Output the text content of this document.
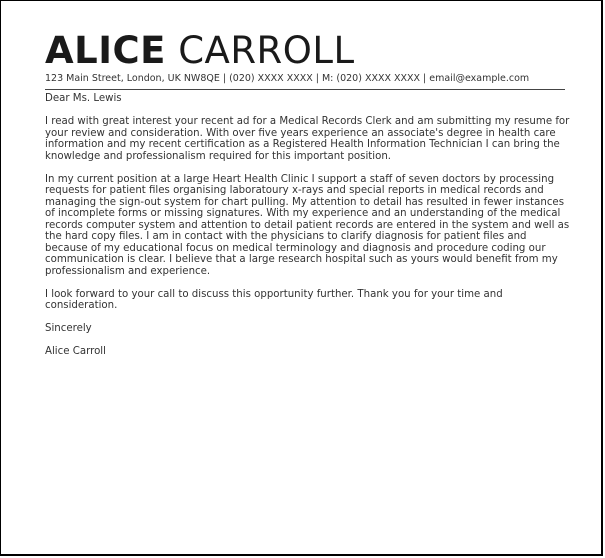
ALICE CARROLL
123 Main Street, London, UK NW8QE | (020) XXXX XXXX | M: (020) XXXX XXXX | email@example.com

Dear Ms. Lewis

I read with great interest your recent ad for a Medical Records Clerk and am submitting my resume for your review and consideration. With over five years experience an associate's degree in health care information and my recent certification as a Registered Health Information Technician I can bring the knowledge and professionalism required for this important position.

In my current position at a large Heart Health Clinic I support a staff of seven doctors by processing requests for patient files organising laboratoury x-rays and special reports in medical records and managing the sign-out system for chart pulling. My attention to detail has resulted in fewer instances of incomplete forms or missing signatures. With my experience and an understanding of the medical records computer system and attention to detail patient records are entered in the system and well as the hard copy files. I am in contact with the physicians to clarify diagnosis for patient files and because of my educational focus on medical terminology and diagnosis and procedure coding our communication is clear. I believe that a large research hospital such as yours would benefit from my professionalism and experience.

I look forward to your call to discuss this opportunity further. Thank you for your time and consideration.

Sincerely

Alice Carroll
